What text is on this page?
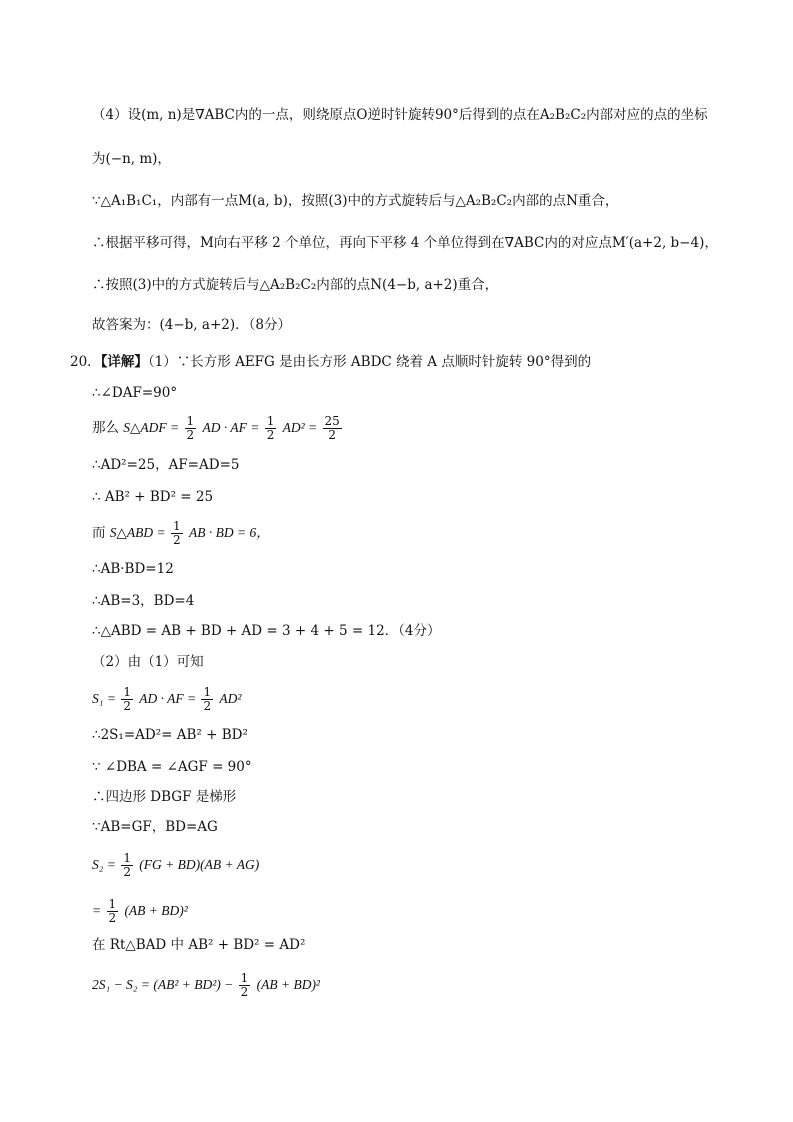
（4）设(m, n)是∇ABC内的一点，则绕原点O逆时针旋转90°后得到的点在A₂B₂C₂内部对应的点的坐标
为(−n, m)，
∵△A₁B₁C₁，内部有一点M(a, b)，按照(3)中的方式旋转后与△A₂B₂C₂内部的点N重合，
∴根据平移可得，M向右平移 2 个单位，再向下平移 4 个单位得到在∇ABC内的对应点M′(a+2, b−4)，
∴按照(3)中的方式旋转后与△A₂B₂C₂内部的点N(4−b, a+2)重合，
故答案为：(4−b, a+2)．（8分）
20．【详解】（1）∵长方形 AEFG 是由长方形 ABDC 绕着 A 点顺时针旋转 90°得到的
∴∠DAF=90°
那么 S△ADF = $\frac{1}{2}$ AD · AF = $\frac{1}{2} AD^2 = \frac{25}{2}$
∴AD²=25，AF=AD=5
∴ AB² + BD² = 25
而 S△ABD = $\frac{1}{2}$ AB · BD = 6，
∴AB·BD=12
∴AB=3，BD=4
∴△ABD = AB + BD + AD = 3 + 4 + 5 = 12．（4分）
（2）由（1）可知
$S_1 = \frac{1}{2}$ AD · AF = $\frac{1}{2} AD^2$
∴2S₁=AD²= AB² + BD²
∵ ∠DBA = ∠AGF = 90°
∴四边形 DBGF 是梯形
∵AB=GF，BD=AG
$S_2 = \frac{1}{2} (FG + BD)(AB + AG)$
= $\frac{1}{2} (AB + BD)^2$
在 Rt△BAD 中 AB² + BD² = AD²
$2S_1 - S_2 = (AB^2 + BD^2) - \frac{1}{2} (AB + BD)^2$
